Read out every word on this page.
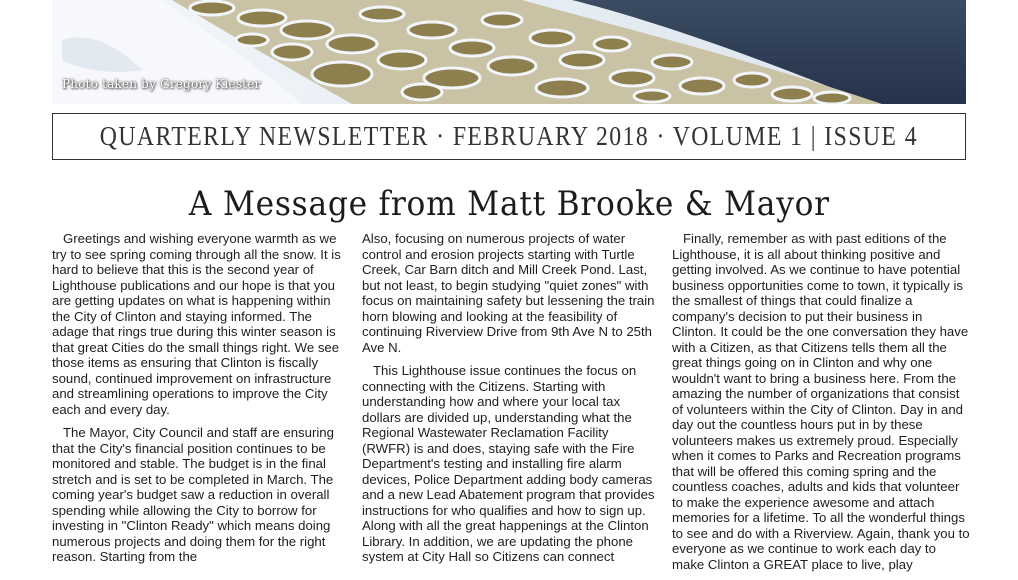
Photo taken by Gregory Kiester
QUARTERLY NEWSLETTER · FEBRUARY 2018 · VOLUME 1 | ISSUE 4
A Message from Matt Brooke & Mayor

Greetings and wishing everyone warmth as we try to see spring coming through all the snow. It is hard to believe that this is the second year of Lighthouse publications and our hope is that you are getting updates on what is happening within the City of Clinton and staying informed. The adage that rings true during this winter season is that great Cities do the small things right. We see those items as ensuring that Clinton is fiscally sound, continued improvement on infrastructure and streamlining operations to improve the City each and every day.

The Mayor, City Council and staff are ensuring that the City's financial position continues to be monitored and stable. The budget is in the final stretch and is set to be completed in March. The coming year's budget saw a reduction in overall spending while allowing the City to borrow for investing in "Clinton Ready" which means doing numerous projects and doing them for the right reason. Starting from the

Also, focusing on numerous projects of water control and erosion projects starting with Turtle Creek, Car Barn ditch and Mill Creek Pond. Last, but not least, to begin studying "quiet zones" with focus on maintaining safety but lessening the train horn blowing and looking at the feasibility of continuing Riverview Drive from 9th Ave N to 25th Ave N.

This Lighthouse issue continues the focus on connecting with the Citizens. Starting with understanding how and where your local tax dollars are divided up, understanding what the Regional Wastewater Reclamation Facility (RWFR) is and does, staying safe with the Fire Department's testing and installing fire alarm devices, Police Department adding body cameras and a new Lead Abatement program that provides instructions for who qualifies and how to sign up. Along with all the great happenings at the Clinton Library. In addition, we are updating the phone system at City Hall so Citizens can connect

Finally, remember as with past editions of the Lighthouse, it is all about thinking positive and getting involved. As we continue to have potential business opportunities come to town, it typically is the smallest of things that could finalize a company's decision to put their business in Clinton. It could be the one conversation they have with a Citizen, as that Citizens tells them all the great things going on in Clinton and why one wouldn't want to bring a business here. From the amazing the number of organizations that consist of volunteers within the City of Clinton. Day in and day out the countless hours put in by these volunteers makes us extremely proud. Especially when it comes to Parks and Recreation programs that will be offered this coming spring and the countless coaches, adults and kids that volunteer to make the experience awesome and attach memories for a lifetime. To all the wonderful things to see and do with a Riverview. Again, thank you to everyone as we continue to work each day to make Clinton a GREAT place to live, play
